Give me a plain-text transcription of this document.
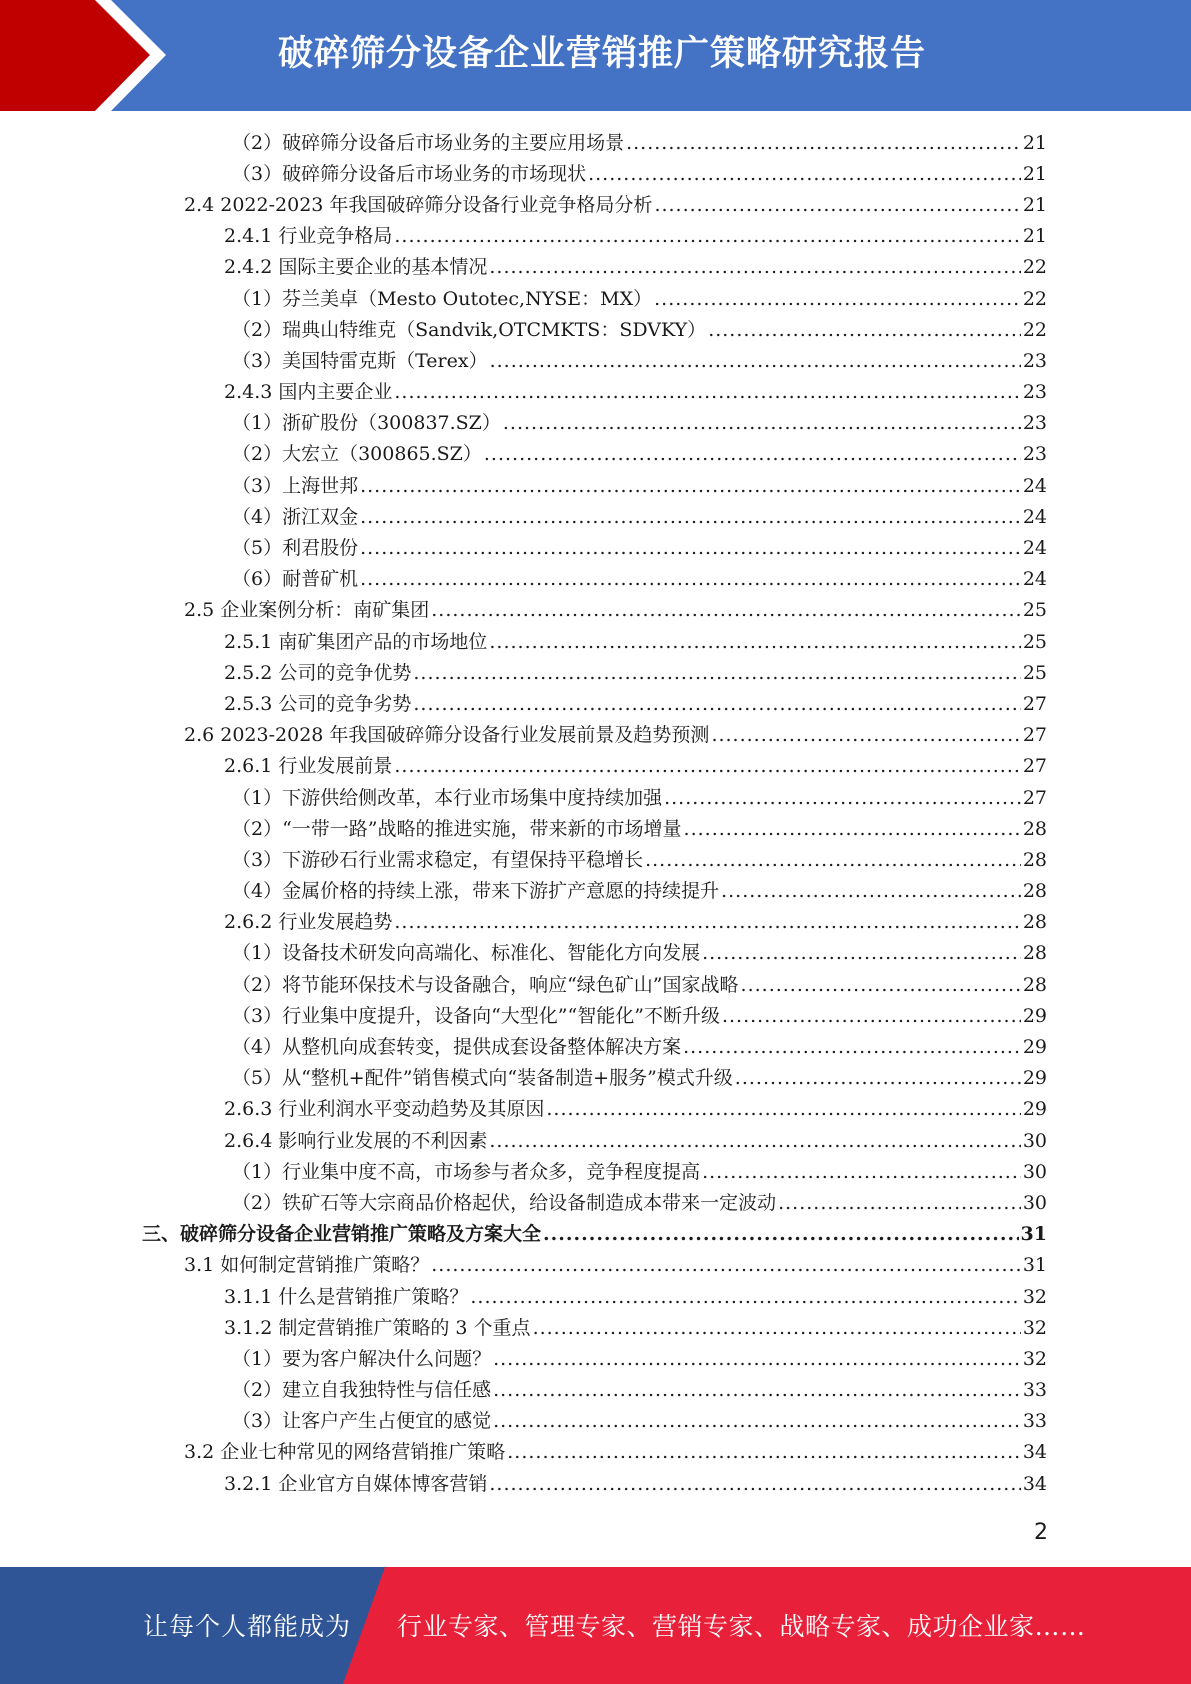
破碎筛分设备企业营销推广策略研究报告
（2）破碎筛分设备后市场业务的主要应用场景 .....	21
（3）破碎筛分设备后市场业务的市场现状 .....	21
2.4 2022-2023 年我国破碎筛分设备行业竞争格局分析 .....	21
2.4.1 行业竞争格局 .....	21
2.4.2 国际主要企业的基本情况 .....	22
（1）芬兰美卓（Mesto Outotec,NYSE：MX） .....	22
（2）瑞典山特维克（Sandvik,OTCMKTS：SDVKY） .....	22
（3）美国特雷克斯（Terex） .....	23
2.4.3 国内主要企业 .....	23
（1）浙矿股份（300837.SZ） .....	23
（2）大宏立（300865.SZ） .....	23
（3）上海世邦 .....	24
（4）浙江双金 .....	24
（5）利君股份 .....	24
（6）耐普矿机 .....	24
2.5 企业案例分析：南矿集团 .....	25
2.5.1 南矿集团产品的市场地位 .....	25
2.5.2 公司的竞争优势 .....	25
2.5.3 公司的竞争劣势 .....	27
2.6 2023-2028 年我国破碎筛分设备行业发展前景及趋势预测 .....	27
2.6.1 行业发展前景 .....	27
（1）下游供给侧改革，本行业市场集中度持续加强 .....	27
（2）“一带一路”战略的推进实施，带来新的市场增量 .....	28
（3）下游砂石行业需求稳定，有望保持平稳增长 .....	28
（4）金属价格的持续上涨，带来下游扩产意愿的持续提升 .....	28
2.6.2 行业发展趋势 .....	28
（1）设备技术研发向高端化、标准化、智能化方向发展 .....	28
（2）将节能环保技术与设备融合，响应“绿色矿山”国家战略 .....	28
（3）行业集中度提升，设备向“大型化”“智能化”不断升级 .....	29
（4）从整机向成套转变，提供成套设备整体解决方案 .....	29
（5）从“整机+配件”销售模式向“装备制造+服务”模式升级 .....	29
2.6.3 行业利润水平变动趋势及其原因 .....	29
2.6.4 影响行业发展的不利因素 .....	30
（1）行业集中度不高，市场参与者众多，竞争程度提高 .....	30
（2）铁矿石等大宗商品价格起伏，给设备制造成本带来一定波动 .....	30
三、破碎筛分设备企业营销推广策略及方案大全 .....	31
3.1 如何制定营销推广策略？ .....	31
3.1.1 什么是营销推广策略？ .....	32
3.1.2 制定营销推广策略的 3 个重点 .....	32
（1）要为客户解决什么问题？ .....	32
（2）建立自我独特性与信任感 .....	33
（3）让客户产生占便宜的感觉 .....	33
3.2 企业七种常见的网络营销推广策略 .....	34
3.2.1 企业官方自媒体博客营销 .....	34
2
让每个人都能成为 行业专家、管理专家、营销专家、战略专家、成功企业家……
